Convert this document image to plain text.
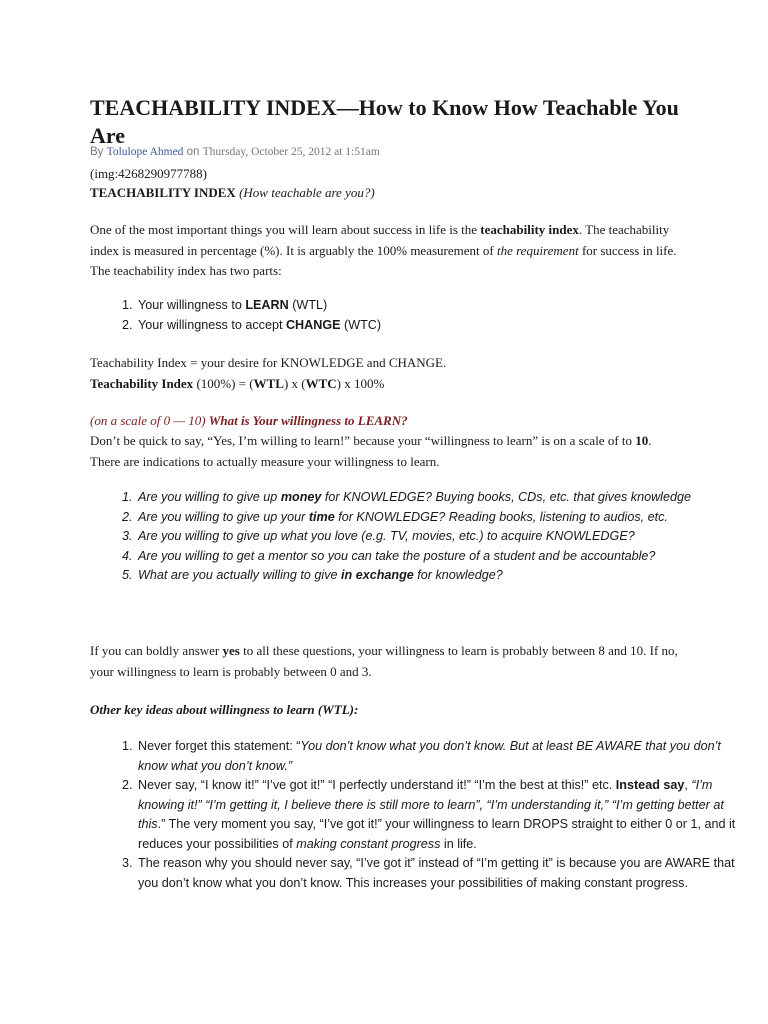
TEACHABILITY INDEX—How to Know How Teachable You Are
By Tolulope Ahmed on Thursday, October 25, 2012 at 1:51am
(img:4268290977788)
TEACHABILITY INDEX (How teachable are you?)

One of the most important things you will learn about success in life is the teachability index. The teachability index is measured in percentage (%). It is arguably the 100% measurement of the requirement for success in life. The teachability index has two parts:

1. Your willingness to LEARN (WTL)
2. Your willingness to accept CHANGE (WTC)
Teachability Index = your desire for KNOWLEDGE and CHANGE.
Teachability Index (100%) = (WTL) x (WTC) x 100%
(on a scale of 0 — 10) What is Your willingness to LEARN?

Don’t be quick to say, “Yes, I’m willing to learn!” because your “willingness to learn” is on a scale of to 10. There are indications to actually measure your willingness to learn.

1. Are you willing to give up money for KNOWLEDGE? Buying books, CDs, etc. that gives knowledge
2. Are you willing to give up your time for KNOWLEDGE? Reading books, listening to audios, etc.
3. Are you willing to give up what you love (e.g. TV, movies, etc.) to acquire KNOWLEDGE?
4. Are you willing to get a mentor so you can take the posture of a student and be accountable?
5. What are you actually willing to give in exchange for knowledge?

If you can boldly answer yes to all these questions, your willingness to learn is probably between 8 and 10. If no, your willingness to learn is probably between 0 and 3.

Other key ideas about willingness to learn (WTL):
1. Never forget this statement: “You don’t know what you don’t know. But at least BE AWARE that you don’t know what you don’t know.”
2. Never say, “I know it!” “I’ve got it!” “I perfectly understand it!” “I’m the best at this!” etc. Instead say, “I’m knowing it!” “I’m getting it, I believe there is still more to learn”, “I’m understanding it,” “I’m getting better at this.” The very moment you say, “I’ve got it!” your willingness to learn DROPS straight to either 0 or 1, and it reduces your possibilities of making constant progress in life.
3. The reason why you should never say, “I’ve got it” instead of “I’m getting it” is because you are AWARE that you don’t know what you don’t know. This increases your possibilities of making constant progress.
